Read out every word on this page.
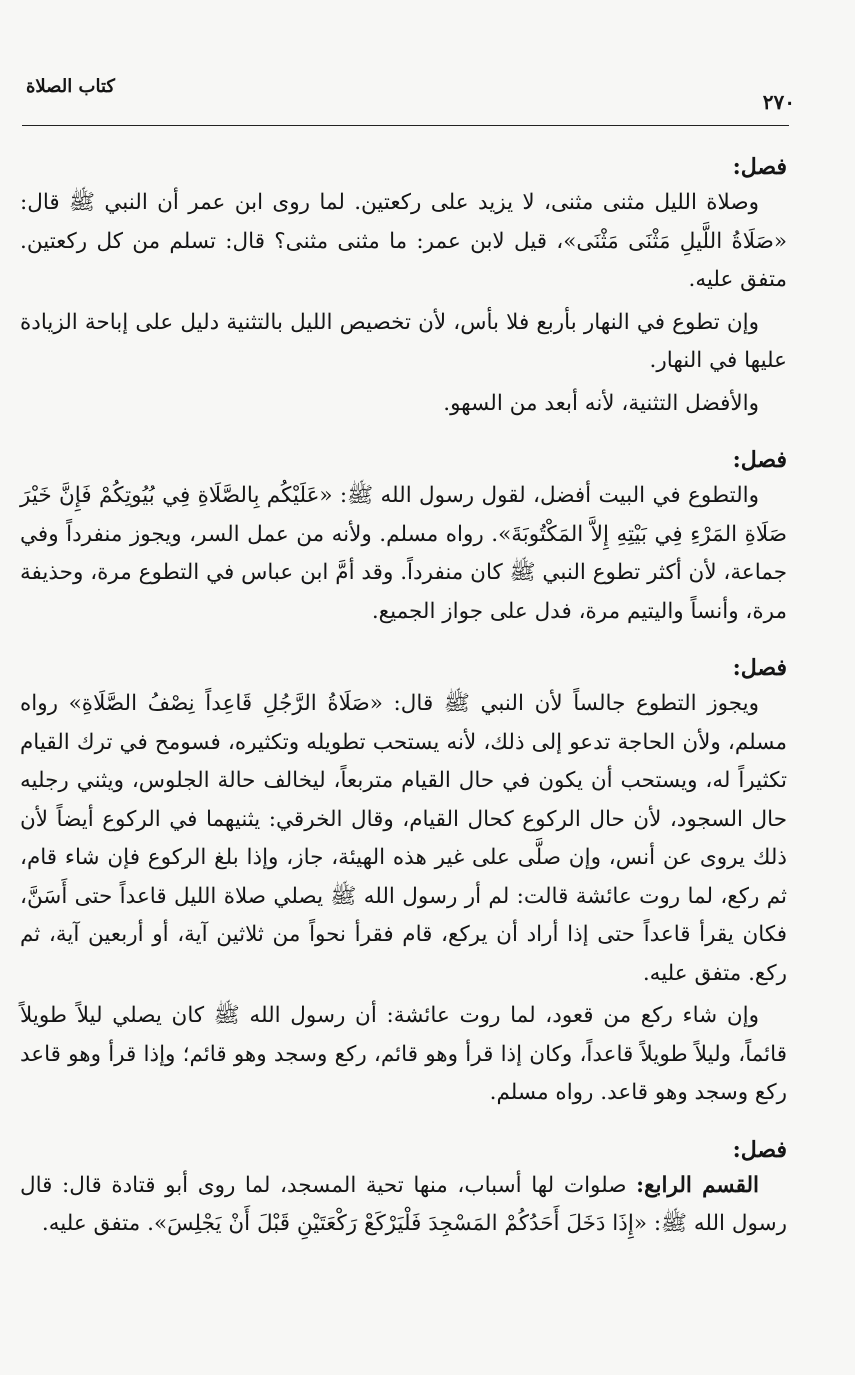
كتاب الصلاة
٢٧٠
فصل:

وصلاة الليل مثنى مثنى، لا يزيد على ركعتين. لما روى ابن عمر أن النبي ﷺ قال: «صَلَاةُ اللَّيلِ مَثْنَى مَثْنَى»، قيل لابن عمر: ما مثنى مثنى؟ قال: تسلم من كل ركعتين. متفق عليه.

وإن تطوع في النهار بأربع فلا بأس، لأن تخصيص الليل بالتثنية دليل على إباحة الزيادة عليها في النهار.

والأفضل التثنية، لأنه أبعد من السهو.

فصل:

والتطوع في البيت أفضل، لقول رسول الله ﷺ: «عَلَيْكُم بِالصَّلَاةِ فِي بُيُوتِكُمْ فَإِنَّ خَيْرَ صَلَاةِ المَرْءِ فِي بَيْتِهِ إِلاَّ المَكْتُوبَةَ». رواه مسلم. ولأنه من عمل السر، ويجوز منفرداً وفي جماعة، لأن أكثر تطوع النبي ﷺ كان منفرداً. وقد أمَّ ابن عباس في التطوع مرة، وحذيفة مرة، وأنساً واليتيم مرة، فدل على جواز الجميع.

فصل:

ويجوز التطوع جالساً لأن النبي ﷺ قال: «صَلَاةُ الرَّجُلِ قَاعِداً نِصْفُ الصَّلَاةِ» رواه مسلم، ولأن الحاجة تدعو إلى ذلك، لأنه يستحب تطويله وتكثيره، فسومح في ترك القيام تكثيراً له، ويستحب أن يكون في حال القيام متربعاً، ليخالف حالة الجلوس، ويثني رجليه حال السجود، لأن حال الركوع كحال القيام، وقال الخرقي: يثنيهما في الركوع أيضاً لأن ذلك يروى عن أنس، وإن صلَّى على غير هذه الهيئة، جاز، وإذا بلغ الركوع فإن شاء قام، ثم ركع، لما روت عائشة قالت: لم أر رسول الله ﷺ يصلي صلاة الليل قاعداً حتى أَسَنَّ، فكان يقرأ قاعداً حتى إذا أراد أن يركع، قام فقرأ نحواً من ثلاثين آية، أو أربعين آية، ثم ركع. متفق عليه.

وإن شاء ركع من قعود، لما روت عائشة: أن رسول الله ﷺ كان يصلي ليلاً طويلاً قائماً، وليلاً طويلاً قاعداً، وكان إذا قرأ وهو قائم، ركع وسجد وهو قائم؛ وإذا قرأ وهو قاعد ركع وسجد وهو قاعد. رواه مسلم.

فصل:

القسم الرابع: صلوات لها أسباب، منها تحية المسجد، لما روى أبو قتادة قال: قال رسول الله ﷺ: «إِذَا دَخَلَ أَحَدُكُمْ المَسْجِدَ فَلْيَرْكَعْ رَكْعَتَيْنِ قَبْلَ أَنْ يَجْلِسَ». متفق عليه.
